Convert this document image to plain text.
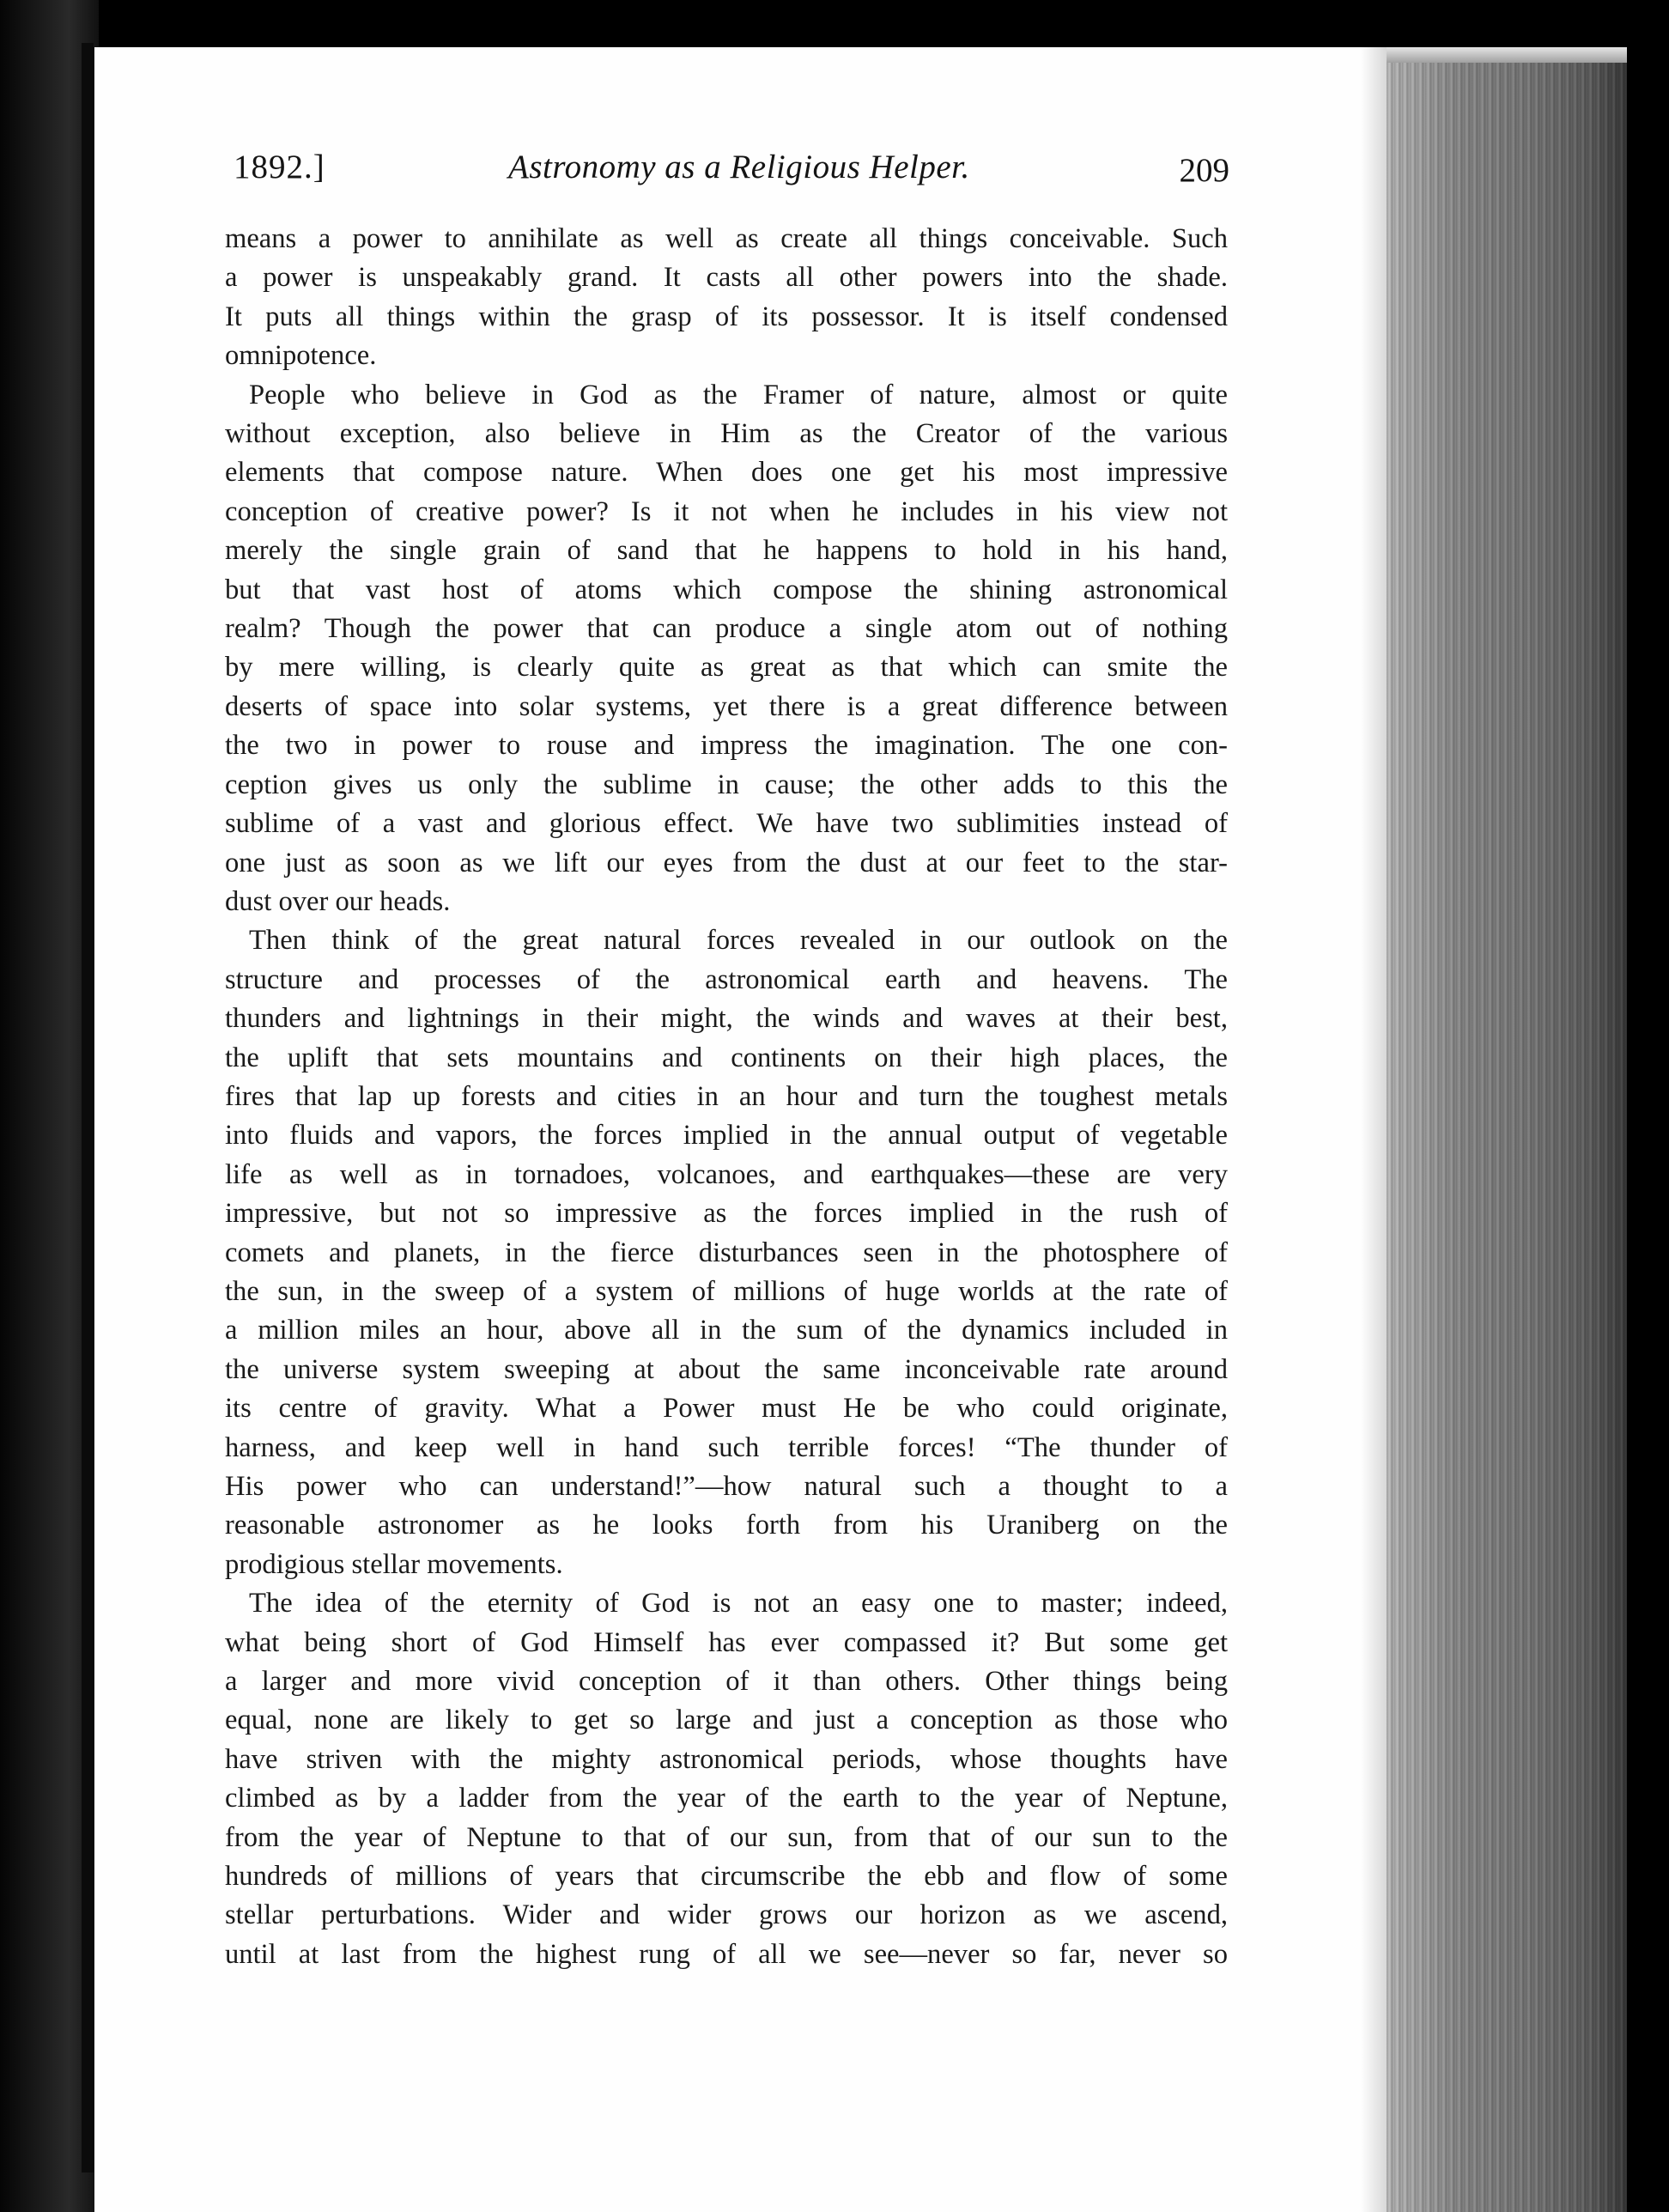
1892.]	Astronomy as a Religious Helper.	209

means a power to annihilate as well as create all things conceivable. Such
a power is unspeakably grand. It casts all other powers into the shade.
It puts all things within the grasp of its possessor. It is itself condensed
omnipotence.

People who believe in God as the Framer of nature, almost or quite
without exception, also believe in Him as the Creator of the various
elements that compose nature. When does one get his most impressive
conception of creative power? Is it not when he includes in his view not
merely the single grain of sand that he happens to hold in his hand,
but that vast host of atoms which compose the shining astronomical
realm? Though the power that can produce a single atom out of nothing
by mere willing, is clearly quite as great as that which can smite the
deserts of space into solar systems, yet there is a great difference between
the two in power to rouse and impress the imagination. The one con-
ception gives us only the sublime in cause; the other adds to this the
sublime of a vast and glorious effect. We have two sublimities instead of
one just as soon as we lift our eyes from the dust at our feet to the star-
dust over our heads.

Then think of the great natural forces revealed in our outlook on the
structure and processes of the astronomical earth and heavens. The
thunders and lightnings in their might, the winds and waves at their best,
the uplift that sets mountains and continents on their high places, the
fires that lap up forests and cities in an hour and turn the toughest metals
into fluids and vapors, the forces implied in the annual output of vegetable
life as well as in tornadoes, volcanoes, and earthquakes—these are very
impressive, but not so impressive as the forces implied in the rush of
comets and planets, in the fierce disturbances seen in the photosphere of
the sun, in the sweep of a system of millions of huge worlds at the rate of
a million miles an hour, above all in the sum of the dynamics included in
the universe system sweeping at about the same inconceivable rate around
its centre of gravity. What a Power must He be who could originate,
harness, and keep well in hand such terrible forces! “The thunder of
His power who can understand!”—how natural such a thought to a
reasonable astronomer as he looks forth from his Uraniberg on the
prodigious stellar movements.

The idea of the eternity of God is not an easy one to master; indeed,
what being short of God Himself has ever compassed it? But some get
a larger and more vivid conception of it than others. Other things being
equal, none are likely to get so large and just a conception as those who
have striven with the mighty astronomical periods, whose thoughts have
climbed as by a ladder from the year of the earth to the year of Neptune,
from the year of Neptune to that of our sun, from that of our sun to the
hundreds of millions of years that circumscribe the ebb and flow of some
stellar perturbations. Wider and wider grows our horizon as we ascend,
until at last from the highest rung of all we see—never so far, never so
